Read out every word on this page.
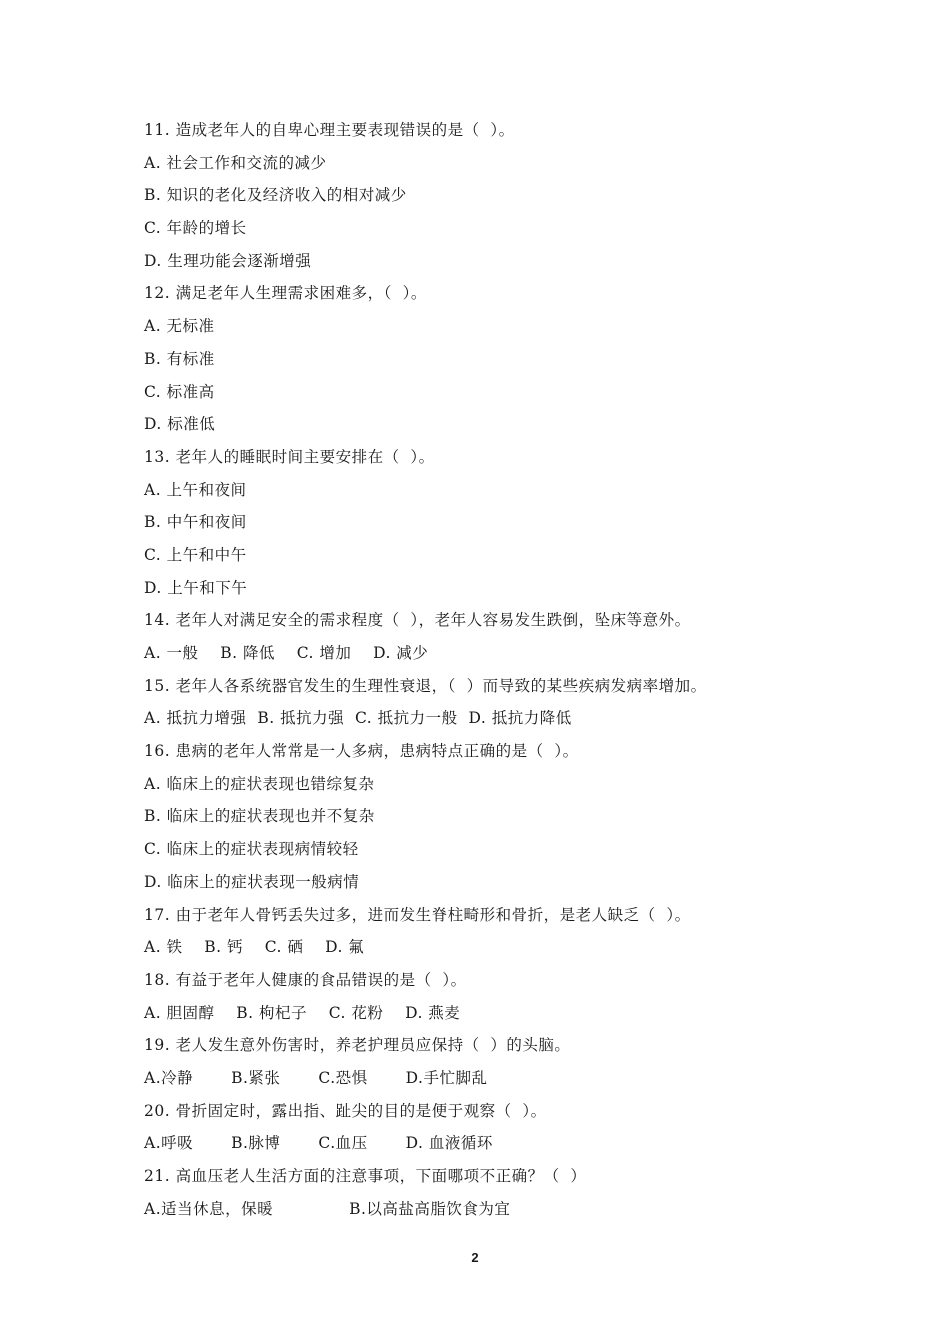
11. 造成老年人的自卑心理主要表现错误的是（  ）。
A. 社会工作和交流的减少
B. 知识的老化及经济收入的相对减少
C. 年龄的增长
D. 生理功能会逐渐增强
12. 满足老年人生理需求困难多，（  ）。
A. 无标准
B. 有标准
C. 标准高
D. 标准低
13. 老年人的睡眠时间主要安排在（  ）。
A. 上午和夜间
B. 中午和夜间
C. 上午和中午
D. 上午和下午
14. 老年人对满足安全的需求程度（  ），老年人容易发生跌倒，坠床等意外。
A. 一般    B. 降低    C. 增加    D. 减少
15. 老年人各系统器官发生的生理性衰退，（  ）而导致的某些疾病发病率增加。
A. 抵抗力增强  B. 抵抗力强  C. 抵抗力一般  D. 抵抗力降低
16. 患病的老年人常常是一人多病，患病特点正确的是（  ）。
A. 临床上的症状表现也错综复杂
B. 临床上的症状表现也并不复杂
C. 临床上的症状表现病情较轻
D. 临床上的症状表现一般病情
17. 由于老年人骨钙丢失过多，进而发生脊柱畸形和骨折，是老人缺乏（  ）。
A. 铁    B. 钙    C. 硒    D. 氟
18. 有益于老年人健康的食品错误的是（  ）。
A. 胆固醇    B. 枸杞子    C. 花粉    D. 燕麦
19. 老人发生意外伤害时，养老护理员应保持（  ）的头脑。
A.冷静       B.紧张       C.恐惧       D.手忙脚乱
20. 骨折固定时，露出指、趾尖的目的是便于观察（  ）。
A.呼吸       B.脉博       C.血压       D. 血液循环
21. 高血压老人生活方面的注意事项，下面哪项不正确？（  ）
A.适当休息，保暖              B.以高盐高脂饮食为宜
2
